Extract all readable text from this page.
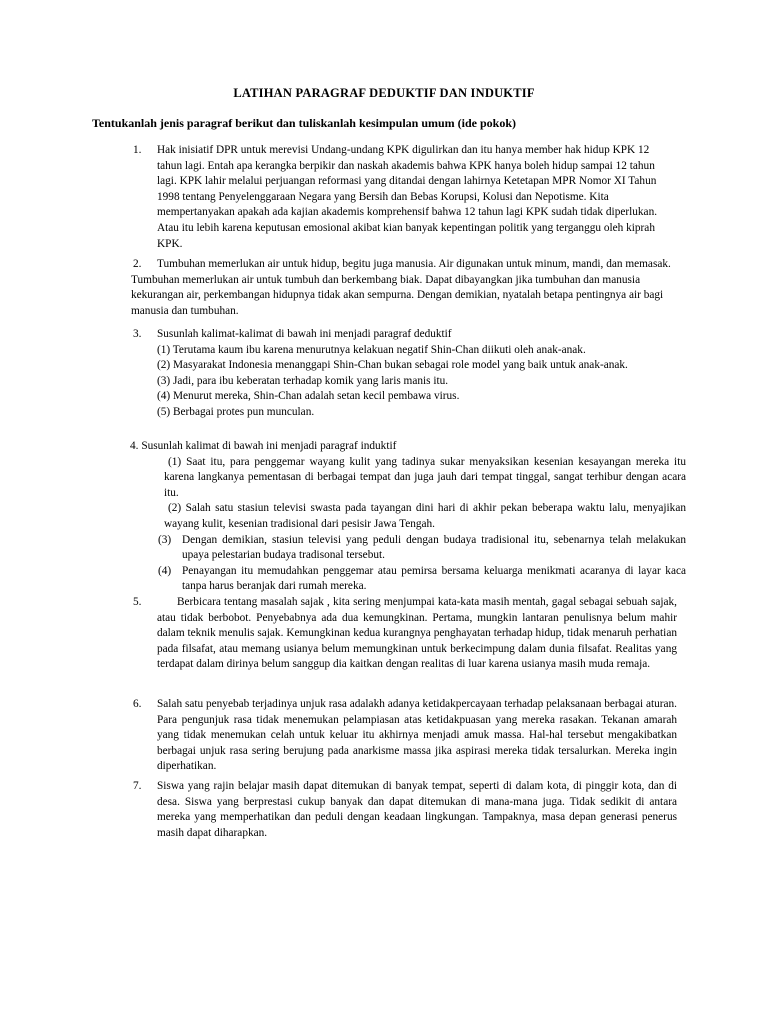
LATIHAN PARAGRAF DEDUKTIF DAN INDUKTIF
Tentukanlah jenis paragraf berikut dan tuliskanlah kesimpulan umum (ide pokok)
1. Hak inisiatif DPR untuk merevisi Undang-undang KPK digulirkan dan itu hanya member hak hidup KPK 12 tahun lagi. Entah apa kerangka berpikir dan naskah akademis bahwa KPK hanya boleh hidup sampai 12 tahun lagi. KPK lahir melalui perjuangan reformasi yang ditandai dengan lahirnya Ketetapan MPR Nomor XI Tahun 1998 tentang Penyelenggaraan Negara yang Bersih dan Bebas Korupsi, Kolusi dan Nepotisme. Kita mempertanyakan apakah ada kajian akademis komprehensif bahwa 12 tahun lagi KPK sudah tidak diperlukan. Atau itu lebih karena keputusan emosional akibat kian banyak kepentingan politik yang terganggu oleh kiprah KPK.
2.	Tumbuhan memerlukan air untuk hidup, begitu juga manusia. Air digunakan untuk minum, mandi, dan memasak. Tumbuhan memerlukan air untuk tumbuh dan berkembang biak. Dapat dibayangkan jika tumbuhan dan manusia kekurangan air, perkembangan hidupnya tidak akan sempurna. Dengan demikian, nyatalah betapa pentingnya air bagi manusia dan tumbuhan.
3. Susunlah kalimat-kalimat di bawah ini menjadi paragraf deduktif

(1) Terutama kaum ibu karena menurutnya kelakuan negatif Shin-Chan diikuti oleh anak-anak.

(2) Masyarakat Indonesia menanggapi Shin-Chan bukan sebagai role model yang baik untuk anak-anak.

(3) Jadi, para ibu keberatan terhadap komik yang laris manis itu.

(4) Menurut mereka, Shin-Chan adalah setan kecil pembawa virus.

(5) Berbagai protes pun munculan.

4. Susunlah kalimat di bawah ini menjadi paragraf induktif

(1) Saat itu, para penggemar wayang kulit yang tadinya sukar menyaksikan kesenian kesayangan mereka itu karena langkanya pementasan di berbagai tempat dan juga jauh dari tempat tinggal, sangat terhibur dengan acara itu.
(2) Salah satu stasiun televisi swasta pada tayangan dini hari di akhir pekan beberapa waktu lalu, menyajikan wayang kulit, kesenian tradisional dari pesisir Jawa Tengah.
(3) Dengan demikian, stasiun televisi yang peduli dengan budaya tradisional itu, sebenarnya telah melakukan upaya pelestarian budaya tradisonal tersebut.
(4) Penayangan itu memudahkan penggemar atau pemirsa bersama keluarga menikmati acaranya di layar kaca tanpa harus beranjak dari rumah mereka.
5.	Berbicara tentang masalah sajak , kita sering menjumpai kata-kata masih mentah, gagal sebagai sebuah sajak, atau tidak berbobot. Penyebabnya ada dua kemungkinan. Pertama, mungkin lantaran penulisnya belum mahir dalam teknik menulis sajak. Kemungkinan kedua kurangnya penghayatan terhadap hidup, tidak menaruh perhatian pada filsafat, atau memang usianya belum memungkinan untuk berkecimpung dalam dunia filsafat. Realitas yang terdapat dalam dirinya belum sanggup dia kaitkan dengan realitas di luar karena usianya masih muda remaja.
6. Salah satu penyebab terjadinya unjuk rasa adalakh adanya ketidakpercayaan terhadap pelaksanaan berbagai aturan. Para pengunjuk rasa tidak menemukan pelampiasan atas ketidakpuasan yang mereka rasakan. Tekanan amarah yang tidak menemukan celah untuk keluar itu akhirnya menjadi amuk massa. Hal-hal tersebut mengakibatkan berbagai unjuk rasa sering berujung pada anarkisme massa jika aspirasi mereka tidak tersalurkan. Mereka ingin diperhatikan.
7. Siswa yang rajin belajar masih dapat ditemukan di banyak tempat, seperti di dalam kota, di pinggir kota, dan di desa. Siswa yang berprestasi cukup banyak dan dapat ditemukan di mana-mana juga. Tidak sedikit di antara mereka yang memperhatikan dan peduli dengan keadaan lingkungan. Tampaknya, masa depan generasi penerus masih dapat diharapkan.
